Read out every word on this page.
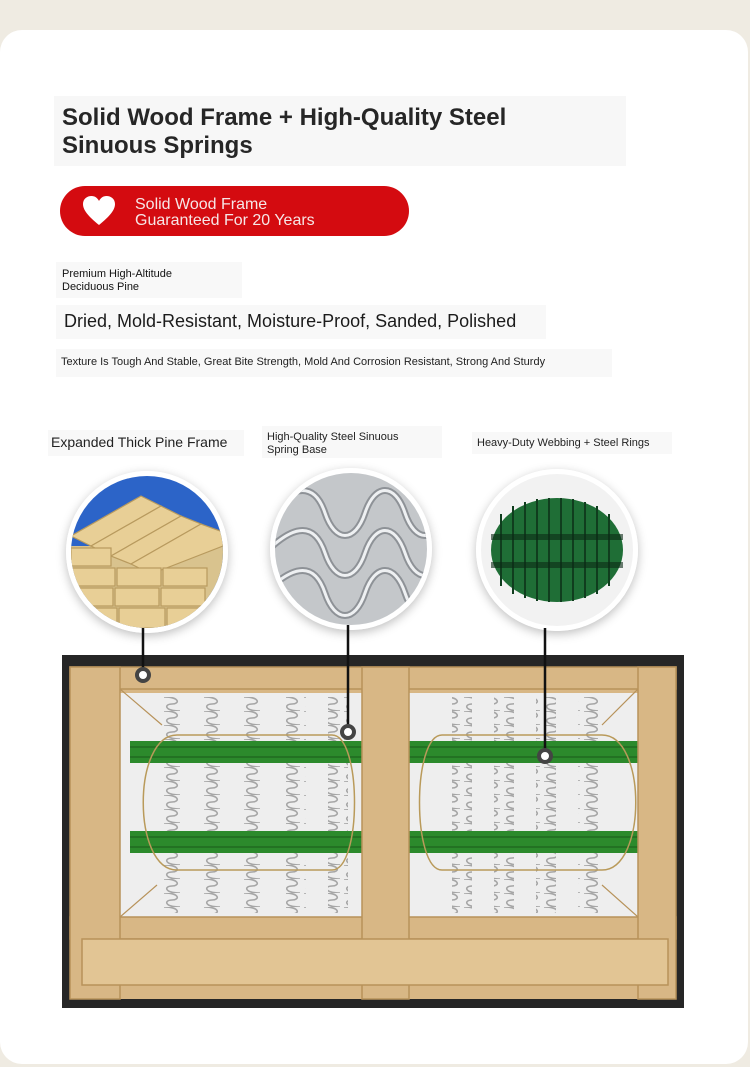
Solid Wood Frame + High-Quality Steel
Sinuous Springs
Solid Wood Frame
Guaranteed For 20 Years
Premium High-Altitude
Deciduous Pine
Dried, Mold-Resistant, Moisture-Proof, Sanded, Polished
Texture Is Tough And Stable, Great Bite Strength, Mold And Corrosion Resistant, Strong And Sturdy
Expanded Thick Pine Frame	High-Quality Steel Sinuous
Spring Base
Heavy-Duty Webbing + Steel Rings
